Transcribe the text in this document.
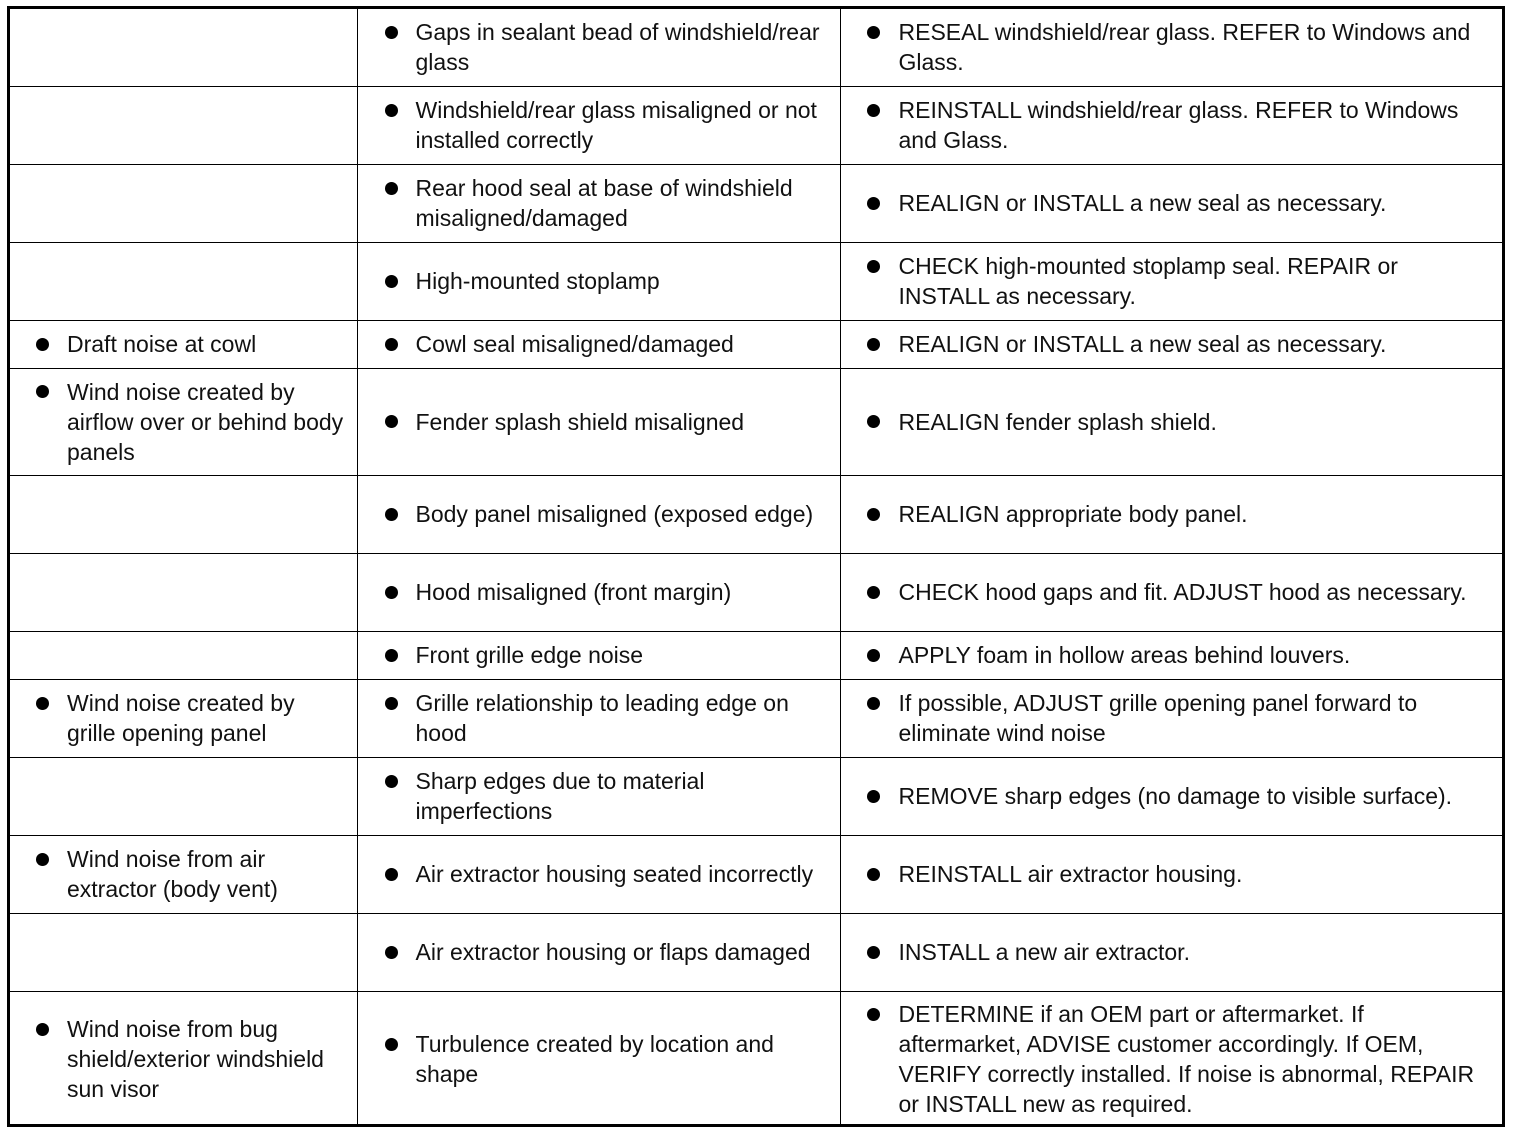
	Gaps in sealant bead of windshield/rear glass	RESEAL windshield/rear glass. REFER to Windows and Glass.

	Windshield/rear glass misaligned or not installed correctly	REINSTALL windshield/rear glass. REFER to Windows and Glass.

	Rear hood seal at base of windshield misaligned/damaged	REALIGN or INSTALL a new seal as necessary.

	High-mounted stoplamp	CHECK high-mounted stoplamp seal. REPAIR or INSTALL as necessary.

Draft noise at cowl	Cowl seal misaligned/damaged	REALIGN or INSTALL a new seal as necessary.

Wind noise created by airflow over or behind body panels	Fender splash shield misaligned	REALIGN fender splash shield.

	Body panel misaligned (exposed edge)	REALIGN appropriate body panel.

	Hood misaligned (front margin)	CHECK hood gaps and fit. ADJUST hood as necessary.

	Front grille edge noise	APPLY foam in hollow areas behind louvers.

Wind noise created by grille opening panel	Grille relationship to leading edge on hood	If possible, ADJUST grille opening panel forward to eliminate wind noise

	Sharp edges due to material imperfections	REMOVE sharp edges (no damage to visible surface).

Wind noise from air extractor (body vent)	Air extractor housing seated incorrectly	REINSTALL air extractor housing.

	Air extractor housing or flaps damaged	INSTALL a new air extractor.

Wind noise from bug shield/exterior windshield sun visor	Turbulence created by location and shape	DETERMINE if an OEM part or aftermarket. If aftermarket, ADVISE customer accordingly. If OEM, VERIFY correctly installed. If noise is abnormal, REPAIR or INSTALL new as required.
